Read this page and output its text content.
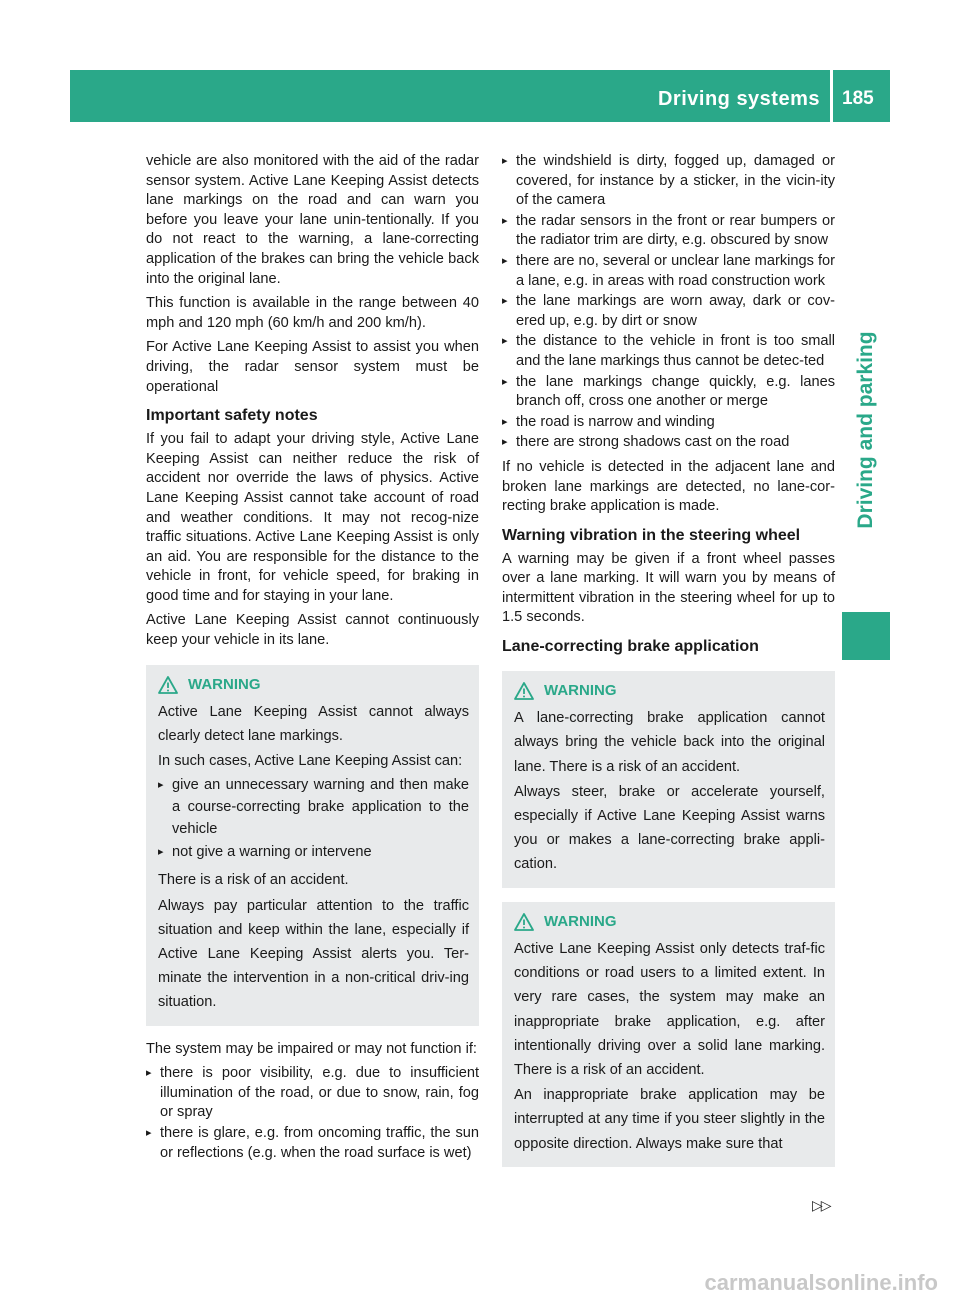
Driving systems 185
Driving and parking

vehicle are also monitored with the aid of the radar sensor system. Active Lane Keeping Assist detects lane markings on the road and can warn you before you leave your lane unin-tentionally. If you do not react to the warning, a lane-correcting application of the brakes can bring the vehicle back into the original lane.

This function is available in the range between 40 mph and 120 mph (60 km/h and 200 km/h).

For Active Lane Keeping Assist to assist you when driving, the radar sensor system must be operational

Important safety notes

If you fail to adapt your driving style, Active Lane Keeping Assist can neither reduce the risk of accident nor override the laws of physics. Active Lane Keeping Assist cannot take account of road and weather conditions. It may not recog-nize traffic situations. Active Lane Keeping Assist is only an aid. You are responsible for the distance to the vehicle in front, for vehicle speed, for braking in good time and for staying in your lane.

Active Lane Keeping Assist cannot continuously keep your vehicle in its lane.

WARNING

Active Lane Keeping Assist cannot always clearly detect lane markings.

In such cases, Active Lane Keeping Assist can:

▸ give an unnecessary warning and then make a course-correcting brake application to the vehicle
▸ not give a warning or intervene

There is a risk of an accident.

Always pay particular attention to the traffic situation and keep within the lane, especially if Active Lane Keeping Assist alerts you. Ter-minate the intervention in a non-critical driv-ing situation.

The system may be impaired or may not function if:

▸ there is poor visibility, e.g. due to insufficient illumination of the road, or due to snow, rain, fog or spray
▸ there is glare, e.g. from oncoming traffic, the sun or reflections (e.g. when the road surface is wet)
▸ the windshield is dirty, fogged up, damaged or covered, for instance by a sticker, in the vicin-ity of the camera
▸ the radar sensors in the front or rear bumpers or the radiator trim are dirty, e.g. obscured by snow
▸ there are no, several or unclear lane markings for a lane, e.g. in areas with road construction work
▸ the lane markings are worn away, dark or cov-ered up, e.g. by dirt or snow
▸ the distance to the vehicle in front is too small and the lane markings thus cannot be detec-ted
▸ the lane markings change quickly, e.g. lanes branch off, cross one another or merge
▸ the road is narrow and winding
▸ there are strong shadows cast on the road

If no vehicle is detected in the adjacent lane and broken lane markings are detected, no lane-cor-recting brake application is made.

Warning vibration in the steering wheel

A warning may be given if a front wheel passes over a lane marking. It will warn you by means of intermittent vibration in the steering wheel for up to 1.5 seconds.

Lane-correcting brake application
WARNING

A lane-correcting brake application cannot always bring the vehicle back into the original lane. There is a risk of an accident.

Always steer, brake or accelerate yourself, especially if Active Lane Keeping Assist warns you or makes a lane-correcting brake appli-cation.

WARNING

Active Lane Keeping Assist only detects traf-fic conditions or road users to a limited extent. In very rare cases, the system may make an inappropriate brake application, e.g. after intentionally driving over a solid lane marking. There is a risk of an accident.

An inappropriate brake application may be interrupted at any time if you steer slightly in the opposite direction. Always make sure that

▷▷
carmanualsonline.info
